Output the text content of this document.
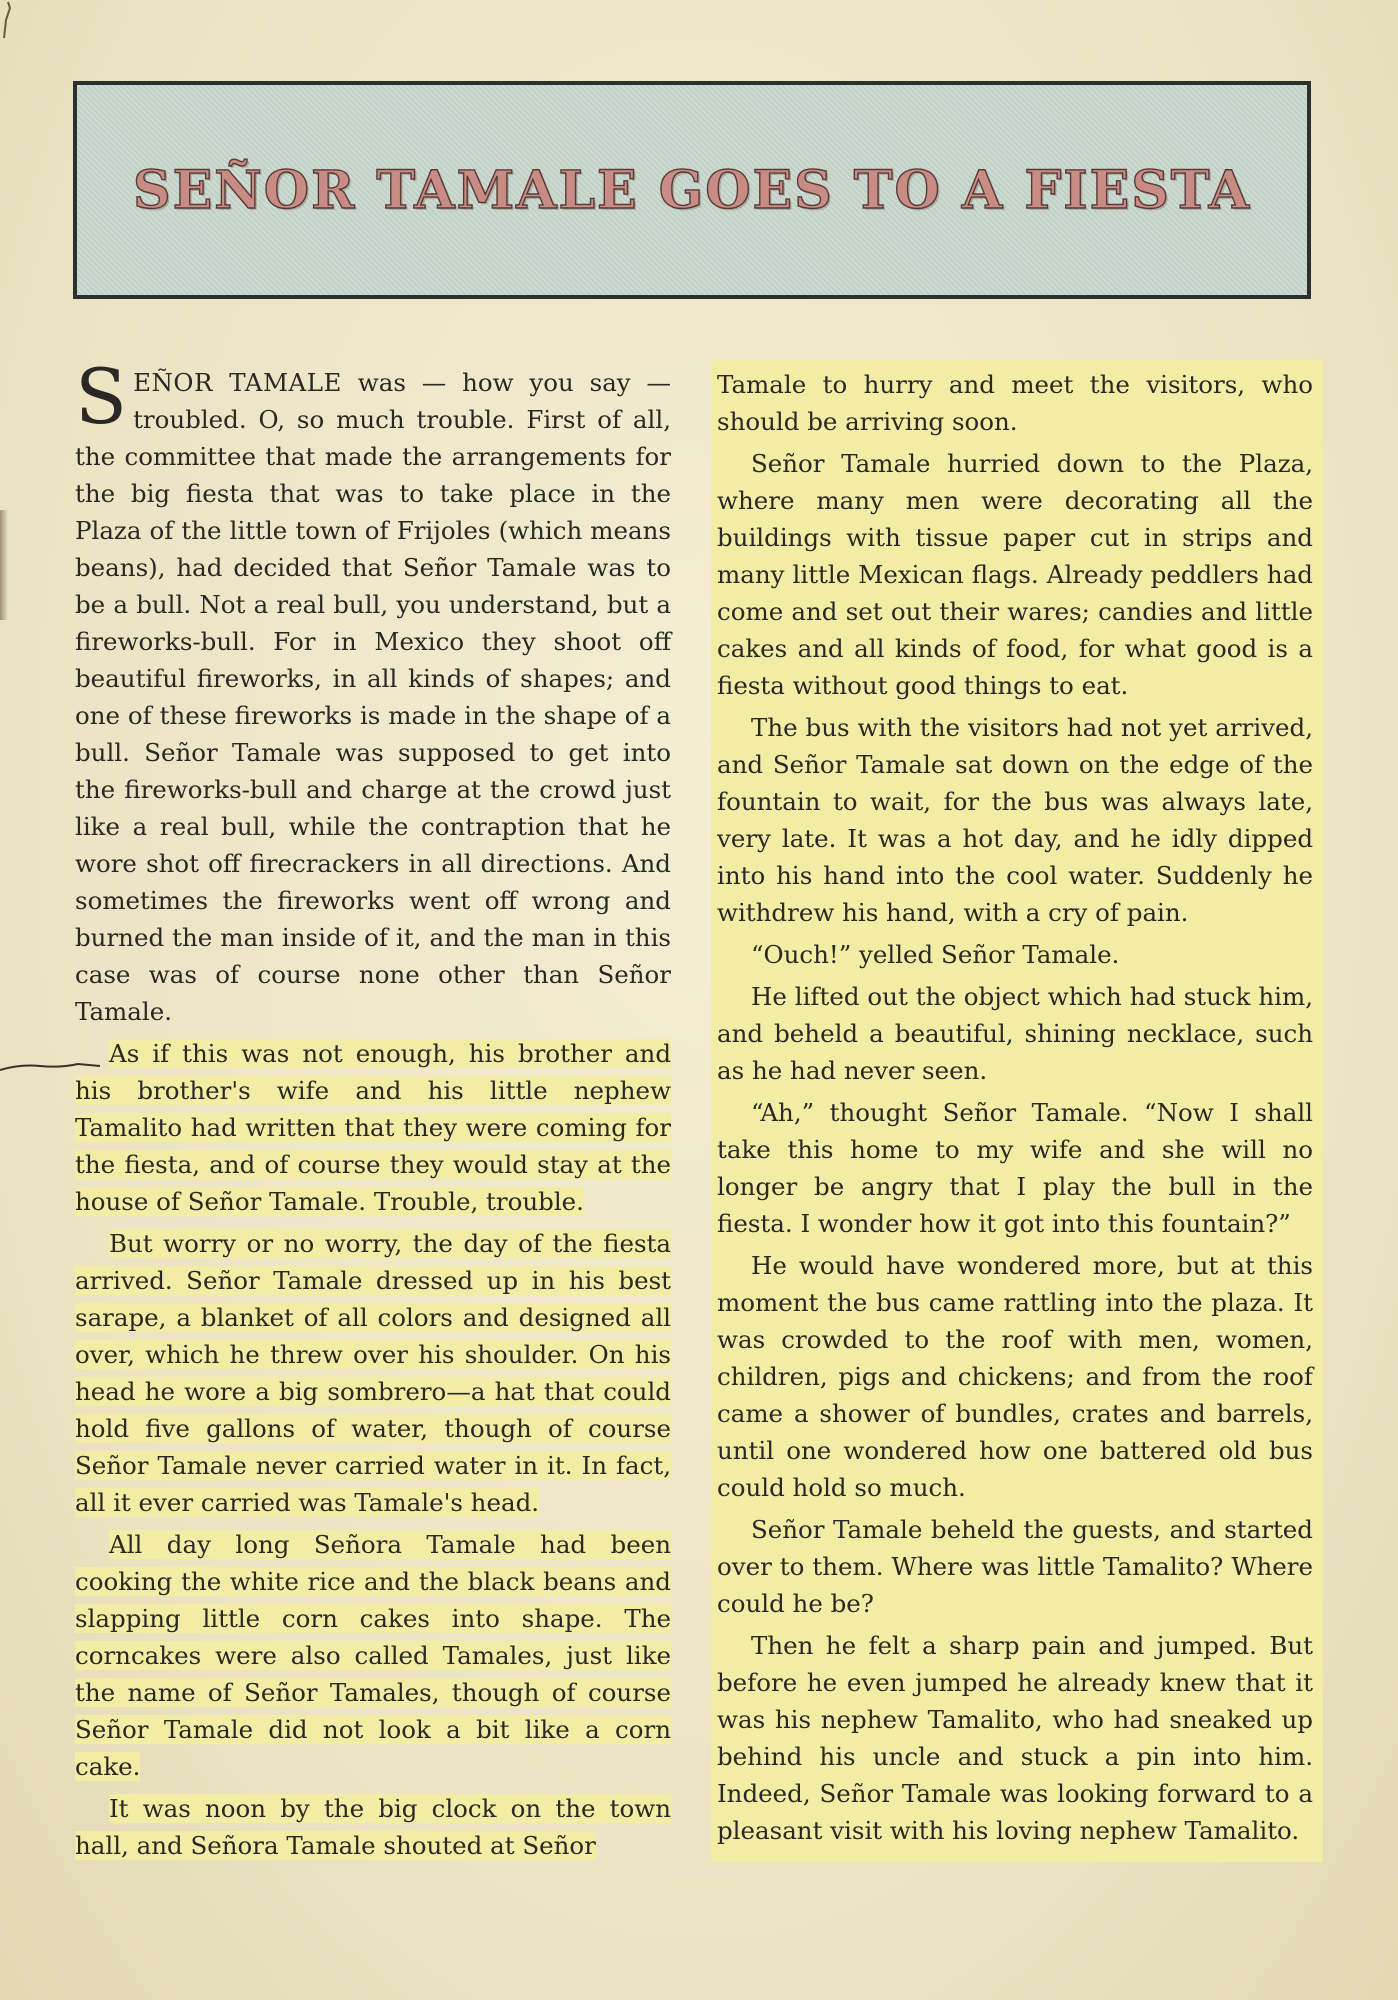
SEÑOR TAMALE GOES TO A FIESTA

SEÑOR TAMALE was — how you say — troubled. O, so much trouble. First of all, the committee that made the arrangements for the big fiesta that was to take place in the Plaza of the little town of Frijoles (which means beans), had decided that Señor Tamale was to be a bull. Not a real bull, you understand, but a fireworks-bull. For in Mexico they shoot off beautiful fireworks, in all kinds of shapes; and one of these fireworks is made in the shape of a bull. Señor Tamale was supposed to get into the fireworks-bull and charge at the crowd just like a real bull, while the contraption that he wore shot off firecrackers in all directions. And sometimes the fireworks went off wrong and burned the man inside of it, and the man in this case was of course none other than Señor Tamale.

As if this was not enough, his brother and his brother's wife and his little nephew Tamalito had written that they were coming for the fiesta, and of course they would stay at the house of Señor Tamale. Trouble, trouble.

But worry or no worry, the day of the fiesta arrived. Señor Tamale dressed up in his best sarape, a blanket of all colors and designed all over, which he threw over his shoulder. On his head he wore a big sombrero—a hat that could hold five gallons of water, though of course Señor Tamale never carried water in it. In fact, all it ever carried was Tamale's head.

All day long Señora Tamale had been cooking the white rice and the black beans and slapping little corn cakes into shape. The corncakes were also called Tamales, just like the name of Señor Tamales, though of course Señor Tamale did not look a bit like a corn cake.

It was noon by the big clock on the town hall, and Señora Tamale shouted at Señor

Tamale to hurry and meet the visitors, who should be arriving soon.

Señor Tamale hurried down to the Plaza, where many men were decorating all the buildings with tissue paper cut in strips and many little Mexican flags. Already peddlers had come and set out their wares; candies and little cakes and all kinds of food, for what good is a fiesta without good things to eat.

The bus with the visitors had not yet arrived, and Señor Tamale sat down on the edge of the fountain to wait, for the bus was always late, very late. It was a hot day, and he idly dipped into his hand into the cool water. Suddenly he withdrew his hand, with a cry of pain.

“Ouch!” yelled Señor Tamale.

He lifted out the object which had stuck him, and beheld a beautiful, shining necklace, such as he had never seen.

“Ah,” thought Señor Tamale. “Now I shall take this home to my wife and she will no longer be angry that I play the bull in the fiesta. I wonder how it got into this fountain?”

He would have wondered more, but at this moment the bus came rattling into the plaza. It was crowded to the roof with men, women, children, pigs and chickens; and from the roof came a shower of bundles, crates and barrels, until one wondered how one battered old bus could hold so much.

Señor Tamale beheld the guests, and started over to them. Where was little Tamalito? Where could he be?

Then he felt a sharp pain and jumped. But before he even jumped he already knew that it was his nephew Tamalito, who had sneaked up behind his uncle and stuck a pin into him. Indeed, Señor Tamale was looking forward to a pleasant visit with his loving nephew Tamalito.
